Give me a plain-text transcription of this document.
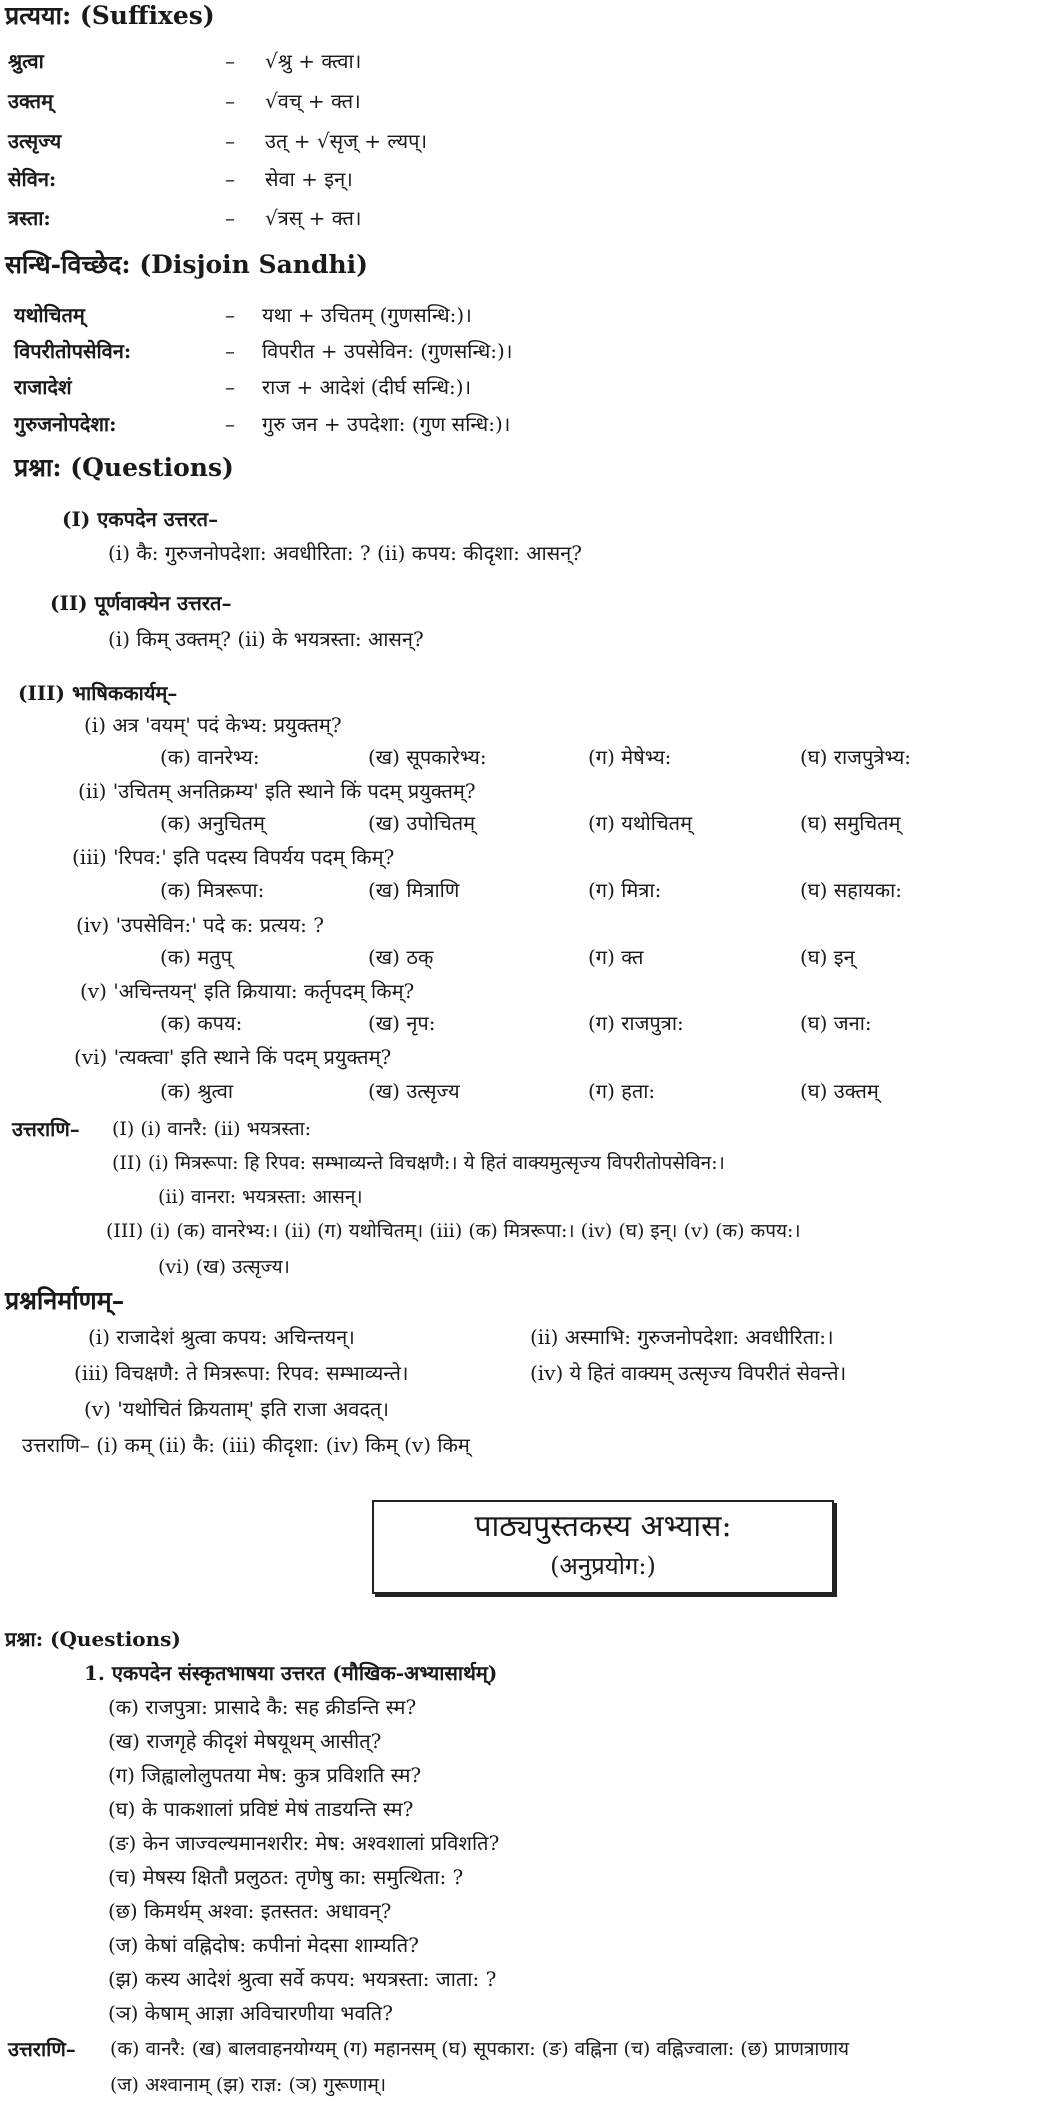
प्रत्यया: (Suffixes)
श्रुत्वा	– √श्रु + क्त्वा।
उक्तम्	– √वच् + क्त।
उत्सृज्य	– उत् + √सृज् + ल्यप्।
सेविन:	– सेवा + इन्।
त्रस्ता:	– √त्रस् + क्त।
सन्धि-विच्छेद: (Disjoin Sandhi)
यथोचितम्	– यथा + उचितम् (गुणसन्धि:)।
विपरीतोपसेविन:	– विपरीत + उपसेविन: (गुणसन्धि:)।
राजादेशं	– राज + आदेशं (दीर्घ सन्धि:)।
गुरुजनोपदेशा:	– गुरु जन + उपदेशा: (गुण सन्धि:)।
प्रश्ना: (Questions)
(I) एकपदेन उत्तरत–
(i) कै: गुरुजनोपदेशा: अवधीरिता: ? (ii) कपय: कीदृशा: आसन्?
(II) पूर्णवाक्येन उत्तरत–
(i) किम् उक्तम्? (ii) के भयत्रस्ता: आसन्?
(III) भाषिककार्यम्–
(i) अत्र 'वयम्' पदं केभ्य: प्रयुक्तम्?
(क) वानरेभ्य:	(ख) सूपकारेभ्य:	(ग) मेषेभ्य:	(घ) राजपुत्रेभ्य:
(ii) 'उचितम् अनतिक्रम्य' इति स्थाने किं पदम् प्रयुक्तम्?
(क) अनुचितम्	(ख) उपोचितम्	(ग) यथोचितम्	(घ) समुचितम्
(iii) 'रिपव:' इति पदस्य विपर्यय पदम् किम्?
(क) मित्ररूपा:	(ख) मित्राणि	(ग) मित्रा:	(घ) सहायका:
(iv) 'उपसेविन:' पदे क: प्रत्यय: ?
(क) मतुप्	(ख) ठक्	(ग) क्त	(घ) इन्
(v) 'अचिन्तयन्' इति क्रियाया: कर्तृपदम् किम्?
(क) कपय:	(ख) नृप:	(ग) राजपुत्रा:	(घ) जना:
(vi) 'त्यक्त्वा' इति स्थाने किं पदम् प्रयुक्तम्?
(क) श्रुत्वा	(ख) उत्सृज्य	(ग) हता:	(घ) उक्तम्
उत्तराणि– (I) (i) वानरै: (ii) भयत्रस्ता:
(II) (i) मित्ररूपा: हि रिपव: सम्भाव्यन्ते विचक्षणै:। ये हितं वाक्यमुत्सृज्य विपरीतोपसेविन:।
(ii) वानरा: भयत्रस्ता: आसन्।
(III) (i) (क) वानरेभ्य:। (ii) (ग) यथोचितम्। (iii) (क) मित्ररूपा:। (iv) (घ) इन्। (v) (क) कपय:।
(vi) (ख) उत्सृज्य।
प्रश्ननिर्माणम्–
(i) राजादेशं श्रुत्वा कपय: अचिन्तयन्।	(ii) अस्माभि: गुरुजनोपदेशा: अवधीरिता:।
(iii) विचक्षणै: ते मित्ररूपा: रिपव: सम्भाव्यन्ते।	(iv) ये हितं वाक्यम् उत्सृज्य विपरीतं सेवन्ते।
(v) 'यथोचितं क्रियताम्' इति राजा अवदत्।
उत्तराणि– (i) कम् (ii) कै: (iii) कीदृशा: (iv) किम् (v) किम्
पाठ्यपुस्तकस्य अभ्यास:
(अनुप्रयोग:)
प्रश्ना: (Questions)
1. एकपदेन संस्कृतभाषया उत्तरत (मौखिक-अभ्यासार्थम्)
(क) राजपुत्रा: प्रासादे कै: सह क्रीडन्ति स्म?
(ख) राजगृहे कीदृशं मेषयूथम् आसीत्?
(ग) जिह्वालोलुपतया मेष: कुत्र प्रविशति स्म?
(घ) के पाकशालां प्रविष्टं मेषं ताडयन्ति स्म?
(ङ) केन जाज्वल्यमानशरीर: मेष: अश्वशालां प्रविशति?
(च) मेषस्य क्षितौ प्रलुठत: तृणेषु का: समुत्थिता: ?
(छ) किमर्थम् अश्वा: इतस्तत: अधावन्?
(ज) केषां वह्निदोष: कपीनां मेदसा शाम्यति?
(झ) कस्य आदेशं श्रुत्वा सर्वे कपय: भयत्रस्ता: जाता: ?
(ञ) केषाम् आज्ञा अविचारणीया भवति?
उत्तराणि– (क) वानरै: (ख) बालवाहनयोग्यम् (ग) महानसम् (घ) सूपकारा: (ङ) वह्निना (च) वह्निज्वाला: (छ) प्राणत्राणाय
(ज) अश्वानाम् (झ) राज्ञ: (ञ) गुरूणाम्।
